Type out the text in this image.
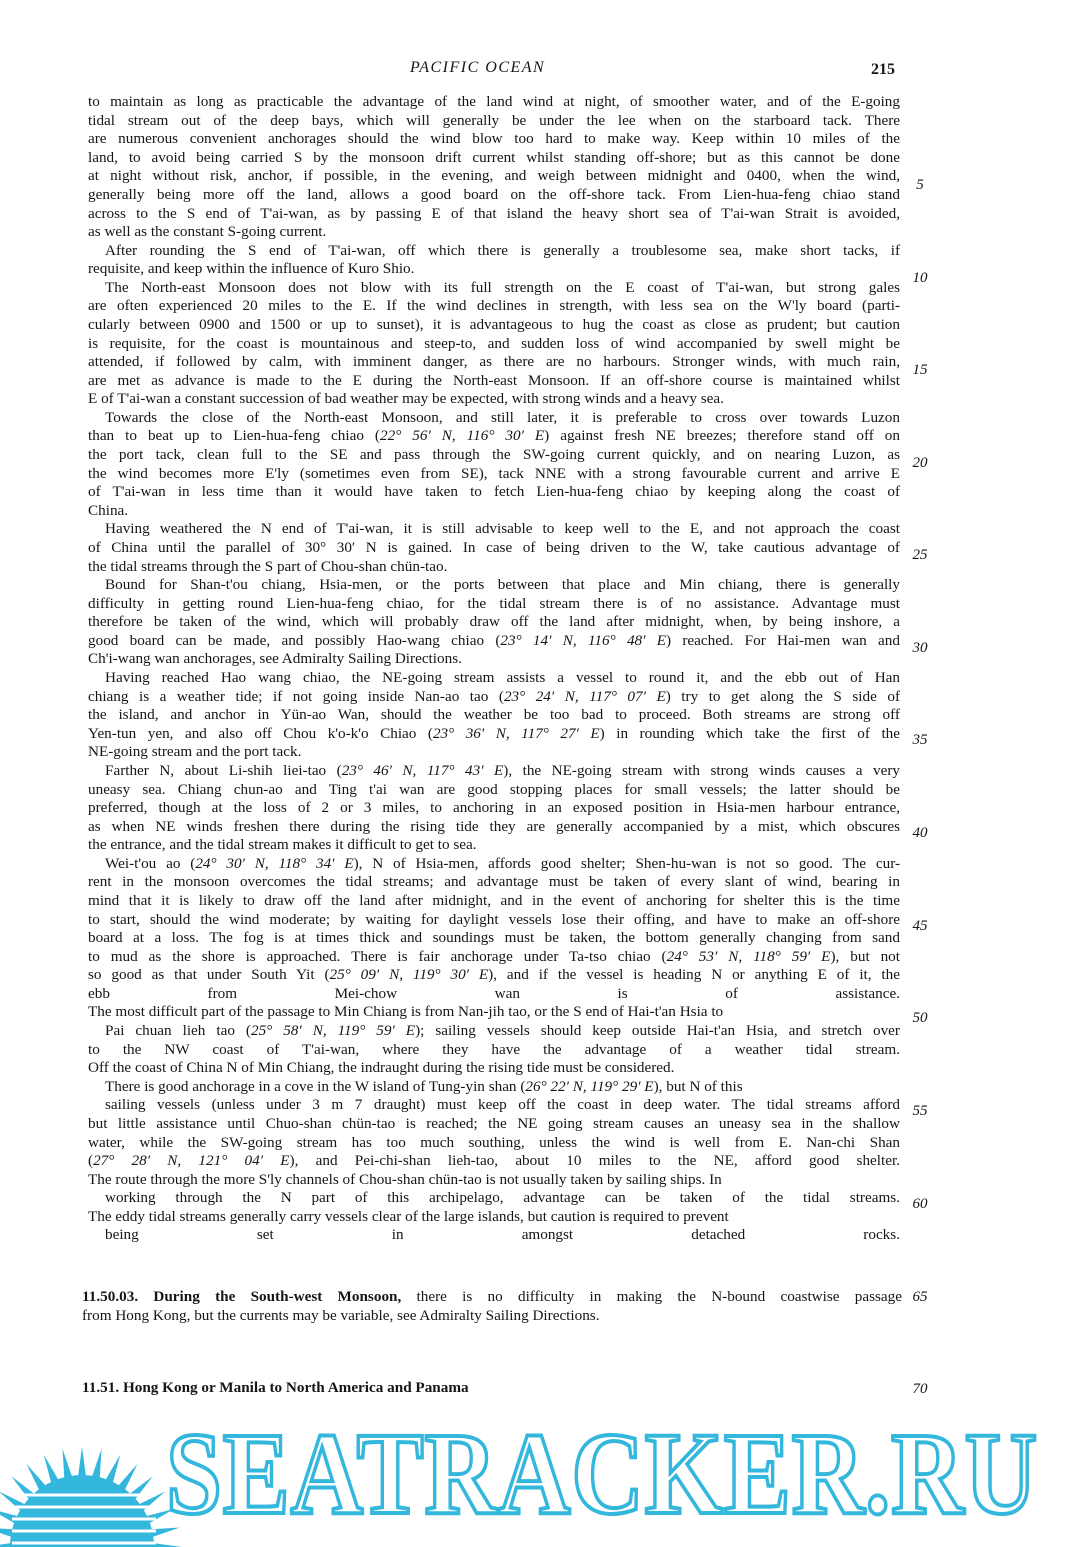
PACIFIC OCEAN	215
to maintain as long as practicable the advantage of the land wind at night, of smoother water, and of the E-going
tidal stream out of the deep bays, which will generally be under the lee when on the starboard tack. There
are numerous convenient anchorages should the wind blow too hard to make way. Keep within 10 miles of the
land, to avoid being carried S by the monsoon drift current whilst standing off-shore; but as this cannot be done
at night without risk, anchor, if possible, in the evening, and weigh between midnight and 0400, when the wind,
generally being more off the land, allows a good board on the off-shore tack. From Lien-hua-feng chiao stand
across to the S end of T'ai-wan, as by passing E of that island the heavy short sea of T'ai-wan Strait is avoided,
as well as the constant S-going current.
After rounding the S end of T'ai-wan, off which there is generally a troublesome sea, make short tacks, if
requisite, and keep within the influence of Kuro Shio.
The North-east Monsoon does not blow with its full strength on the E coast of T'ai-wan, but strong gales
are often experienced 20 miles to the E. If the wind declines in strength, with less sea on the W'ly board (parti-
cularly between 0900 and 1500 or up to sunset), it is advantageous to hug the coast as close as prudent; but caution
is requisite, for the coast is mountainous and steep-to, and sudden loss of wind accompanied by swell might be
attended, if followed by calm, with imminent danger, as there are no harbours. Stronger winds, with much rain,
are met as advance is made to the E during the North-east Monsoon. If an off-shore course is maintained whilst
E of T'ai-wan a constant succession of bad weather may be expected, with strong winds and a heavy sea.
Towards the close of the North-east Monsoon, and still later, it is preferable to cross over towards Luzon
than to beat up to Lien-hua-feng chiao (22° 56′ N, 116° 30′ E) against fresh NE breezes; therefore stand off on
the port tack, clean full to the SE and pass through the SW-going current quickly, and on nearing Luzon, as
the wind becomes more E'ly (sometimes even from SE), tack NNE with a strong favourable current and arrive E
of T'ai-wan in less time than it would have taken to fetch Lien-hua-feng chiao by keeping along the coast of
China.
Having weathered the N end of T'ai-wan, it is still advisable to keep well to the E, and not approach the coast
of China until the parallel of 30° 30′ N is gained. In case of being driven to the W, take cautious advantage of
the tidal streams through the S part of Chou-shan chün-tao.
Bound for Shan-t'ou chiang, Hsia-men, or the ports between that place and Min chiang, there is generally
difficulty in getting round Lien-hua-feng chiao, for the tidal stream there is of no assistance. Advantage must
therefore be taken of the wind, which will probably draw off the land after midnight, when, by being inshore, a
good board can be made, and possibly Hao-wang chiao (23° 14′ N, 116° 48′ E) reached. For Hai-men wan and
Ch'i-wang wan anchorages, see Admiralty Sailing Directions.
Having reached Hao wang chiao, the NE-going stream assists a vessel to round it, and the ebb out of Han
chiang is a weather tide; if not going inside Nan-ao tao (23° 24′ N, 117° 07′ E) try to get along the S side of
the island, and anchor in Yün-ao Wan, should the weather be too bad to proceed. Both streams are strong off
Yen-tun yen, and also off Chou k'o-k'o Chiao (23° 36′ N, 117° 27′ E) in rounding which take the first of the
NE-going stream and the port tack.
Farther N, about Li-shih liei-tao (23° 46′ N, 117° 43′ E), the NE-going stream with strong winds causes a very
uneasy sea. Chiang chun-ao and Ting t'ai wan are good stopping places for small vessels; the latter should be
preferred, though at the loss of 2 or 3 miles, to anchoring in an exposed position in Hsia-men harbour entrance,
as when NE winds freshen there during the rising tide they are generally accompanied by a mist, which obscures
the entrance, and the tidal stream makes it difficult to get to sea.
Wei-t'ou ao (24° 30′ N, 118° 34′ E), N of Hsia-men, affords good shelter; Shen-hu-wan is not so good. The cur-
rent in the monsoon overcomes the tidal streams; and advantage must be taken of every slant of wind, bearing in
mind that it is likely to draw off the land after midnight, and in the event of anchoring for shelter this is the time
to start, should the wind moderate; by waiting for daylight vessels lose their offing, and have to make an off-shore
board at a loss. The fog is at times thick and soundings must be taken, the bottom generally changing from sand
to mud as the shore is approached. There is fair anchorage under Ta-tso chiao (24° 53′ N, 118° 59′ E), but not
so good as that under South Yit (25° 09′ N, 119° 30′ E), and if the vessel is heading N or anything E of it, the
ebb from Mei-chow wan is of assistance.
The most difficult part of the passage to Min Chiang is from Nan-jih tao, or the S end of Hai-t'an Hsia to
Pai chuan lieh tao (25° 58′ N, 119° 59′ E); sailing vessels should keep outside Hai-t'an Hsia, and stretch over
to the NW coast of T'ai-wan, where they have the advantage of a weather tidal stream.
Off the coast of China N of Min Chiang, the indraught during the rising tide must be considered.
There is good anchorage in a cove in the W island of Tung-yin shan (26° 22′ N, 119° 29′ E), but N of this
sailing vessels (unless under 3 m 7 draught) must keep off the coast in deep water. The tidal streams afford
but little assistance until Chuo-shan chün-tao is reached; the NE going stream causes an uneasy sea in the shallow
water, while the SW-going stream has too much southing, unless the wind is well from E. Nan-chi Shan
(27° 28′ N, 121° 04′ E), and Pei-chi-shan lieh-tao, about 10 miles to the NE, afford good shelter.
The route through the more S'ly channels of Chou-shan chün-tao is not usually taken by sailing ships. In
working through the N part of this archipelago, advantage can be taken of the tidal streams.
The eddy tidal streams generally carry vessels clear of the large islands, but caution is required to prevent
being set in amongst detached rocks.
5
10
15
20
25
30
35
40
45
50
55
60
65
70
11.50.03. During the South-west Monsoon, there is no difficulty in making the N-bound coastwise passage
from Hong Kong, but the currents may be variable, see Admiralty Sailing Directions.
11.51. Hong Kong or Manila to North America and Panama
SEATRACKER.RU
